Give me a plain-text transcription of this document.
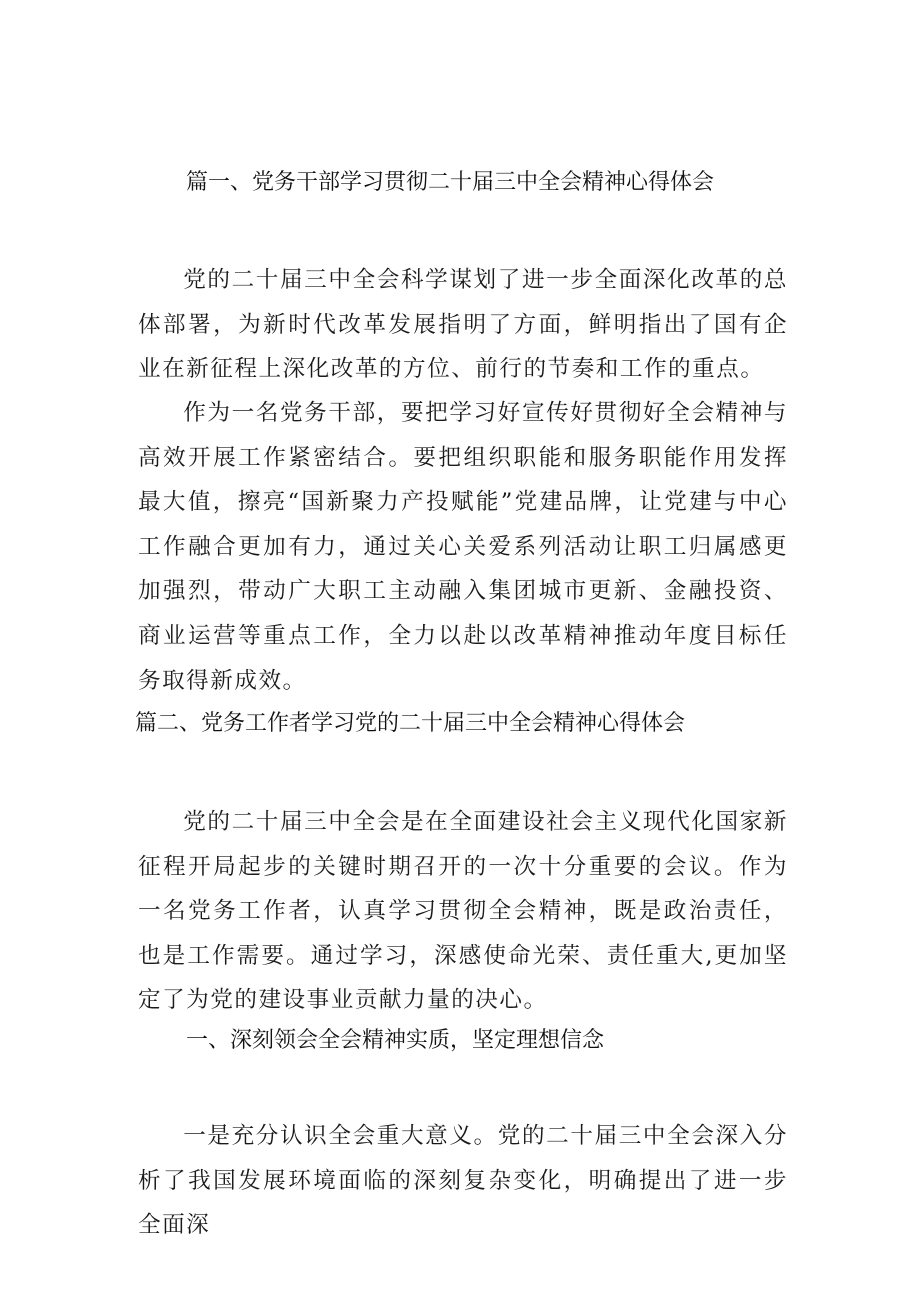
篇一、党务干部学习贯彻二十届三中全会精神心得体会

党的二十届三中全会科学谋划了进一步全面深化改革的总体部署，为新时代改革发展指明了方面，鲜明指出了国有企业在新征程上深化改革的方位、前行的节奏和工作的重点。

作为一名党务干部，要把学习好宣传好贯彻好全会精神与高效开展工作紧密结合。要把组织职能和服务职能作用发挥最大值，擦亮“国新聚力产投赋能”党建品牌，让党建与中心工作融合更加有力，通过关心关爱系列活动让职工归属感更加强烈，带动广大职工主动融入集团城市更新、金融投资、商业运营等重点工作，全力以赴以改革精神推动年度目标任务取得新成效。

篇二、党务工作者学习党的二十届三中全会精神心得体会

党的二十届三中全会是在全面建设社会主义现代化国家新征程开局起步的关键时期召开的一次十分重要的会议。作为一名党务工作者，认真学习贯彻全会精神，既是政治责任，也是工作需要。通过学习，深感使命光荣、责任重大,更加坚定了为党的建设事业贡献力量的决心。

一、深刻领会全会精神实质，坚定理想信念

一是充分认识全会重大意义。党的二十届三中全会深入分析了我国发展环境面临的深刻复杂变化，明确提出了进一步全面深
